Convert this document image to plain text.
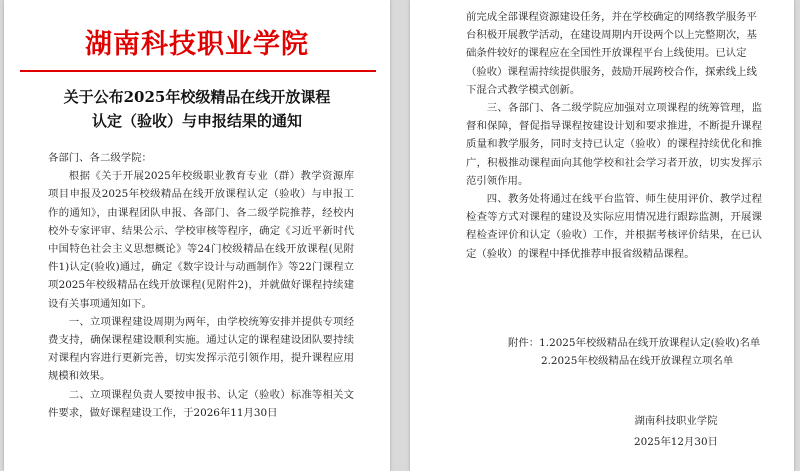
湖南科技职业学院
关于公布2025年校级精品在线开放课程
认定（验收）与申报结果的通知

各部门、各二级学院：

根据《关于开展2025年校级职业教育专业（群）教学资源库项目申报及2025年校级精品在线开放课程认定（验收）与申报工作的通知》，由课程团队申报、各部门、各二级学院推荐，经校内校外专家评审、结果公示、学校审核等程序，确定《习近平新时代中国特色社会主义思想概论》等24门校级精品在线开放课程(见附件1)认定(验收)通过，确定《数字设计与动画制作》等22门课程立项2025年校级精品在线开放课程(见附件2)，并就做好课程持续建设有关事项通知如下。

一、立项课程建设周期为两年，由学校统筹安排并提供专项经费支持，确保课程建设顺利实施。通过认定的课程建设团队要持续对课程内容进行更新完善，切实发挥示范引领作用，提升课程应用规模和效果。

二、立项课程负责人要按申报书、认定（验收）标准等相关文件要求，做好课程建设工作，于2026年11月30日

前完成全部课程资源建设任务，并在学校确定的网络教学服务平台积极开展教学活动，在建设周期内开设两个以上完整期次，基础条件较好的课程应在全国性开放课程平台上线使用。已认定（验收）课程需持续提供服务，鼓励开展跨校合作，探索线上线下混合式教学模式创新。

三、各部门、各二级学院应加强对立项课程的统筹管理，监督和保障，督促指导课程按建设计划和要求推进，不断提升课程质量和教学服务，同时支持已认定（验收）的课程持续优化和推广，积极推动课程面向其他学校和社会学习者开放，切实发挥示范引领作用。

四、教务处将通过在线平台监管、师生使用评价、教学过程检查等方式对课程的建设及实际应用情况进行跟踪监测，开展课程检查评价和认定（验收）工作，并根据考核评价结果，在已认定（验收）的课程中择优推荐申报省级精品课程。

附件：1.2025年校级精品在线开放课程认定(验收)名单
2.2025年校级精品在线开放课程立项名单
湖南科技职业学院
2025年12月30日
